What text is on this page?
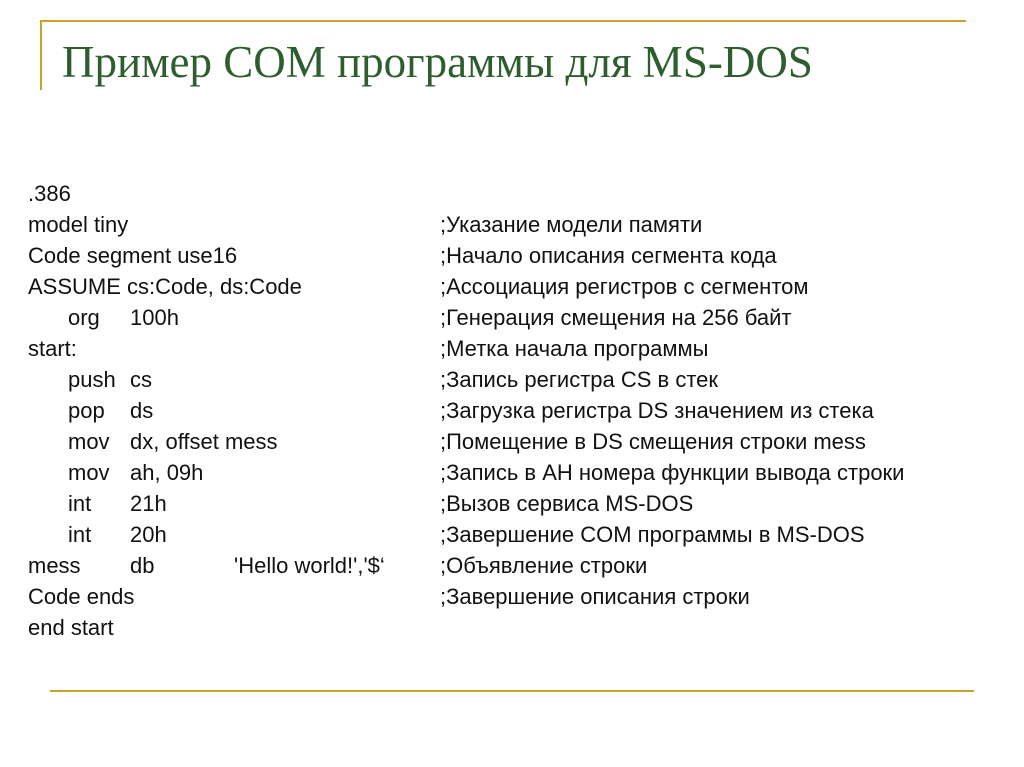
Пример COM программы для MS-DOS
.386
model tiny	;Указание модели памяти
Code segment use16	;Начало описания сегмента кода
ASSUME cs:Code, ds:Code	;Ассоциация регистров с сегментом
org 100h	;Генерация смещения на 256 байт
start:	;Метка начала программы
push cs	;Запись регистра CS в стек
pop ds	;Загрузка регистра DS значением из стека
mov dx, offset mess	;Помещение в DS смещения строки mess
mov ah, 09h	;Запись в AH номера функции вывода строки
int 21h	;Вызов сервиса MS-DOS
int 20h	;Завершение COM программы в MS-DOS
mess db	'Hello world!','$‘	;Объявление строки
Code ends	;Завершение описания строки
end start
